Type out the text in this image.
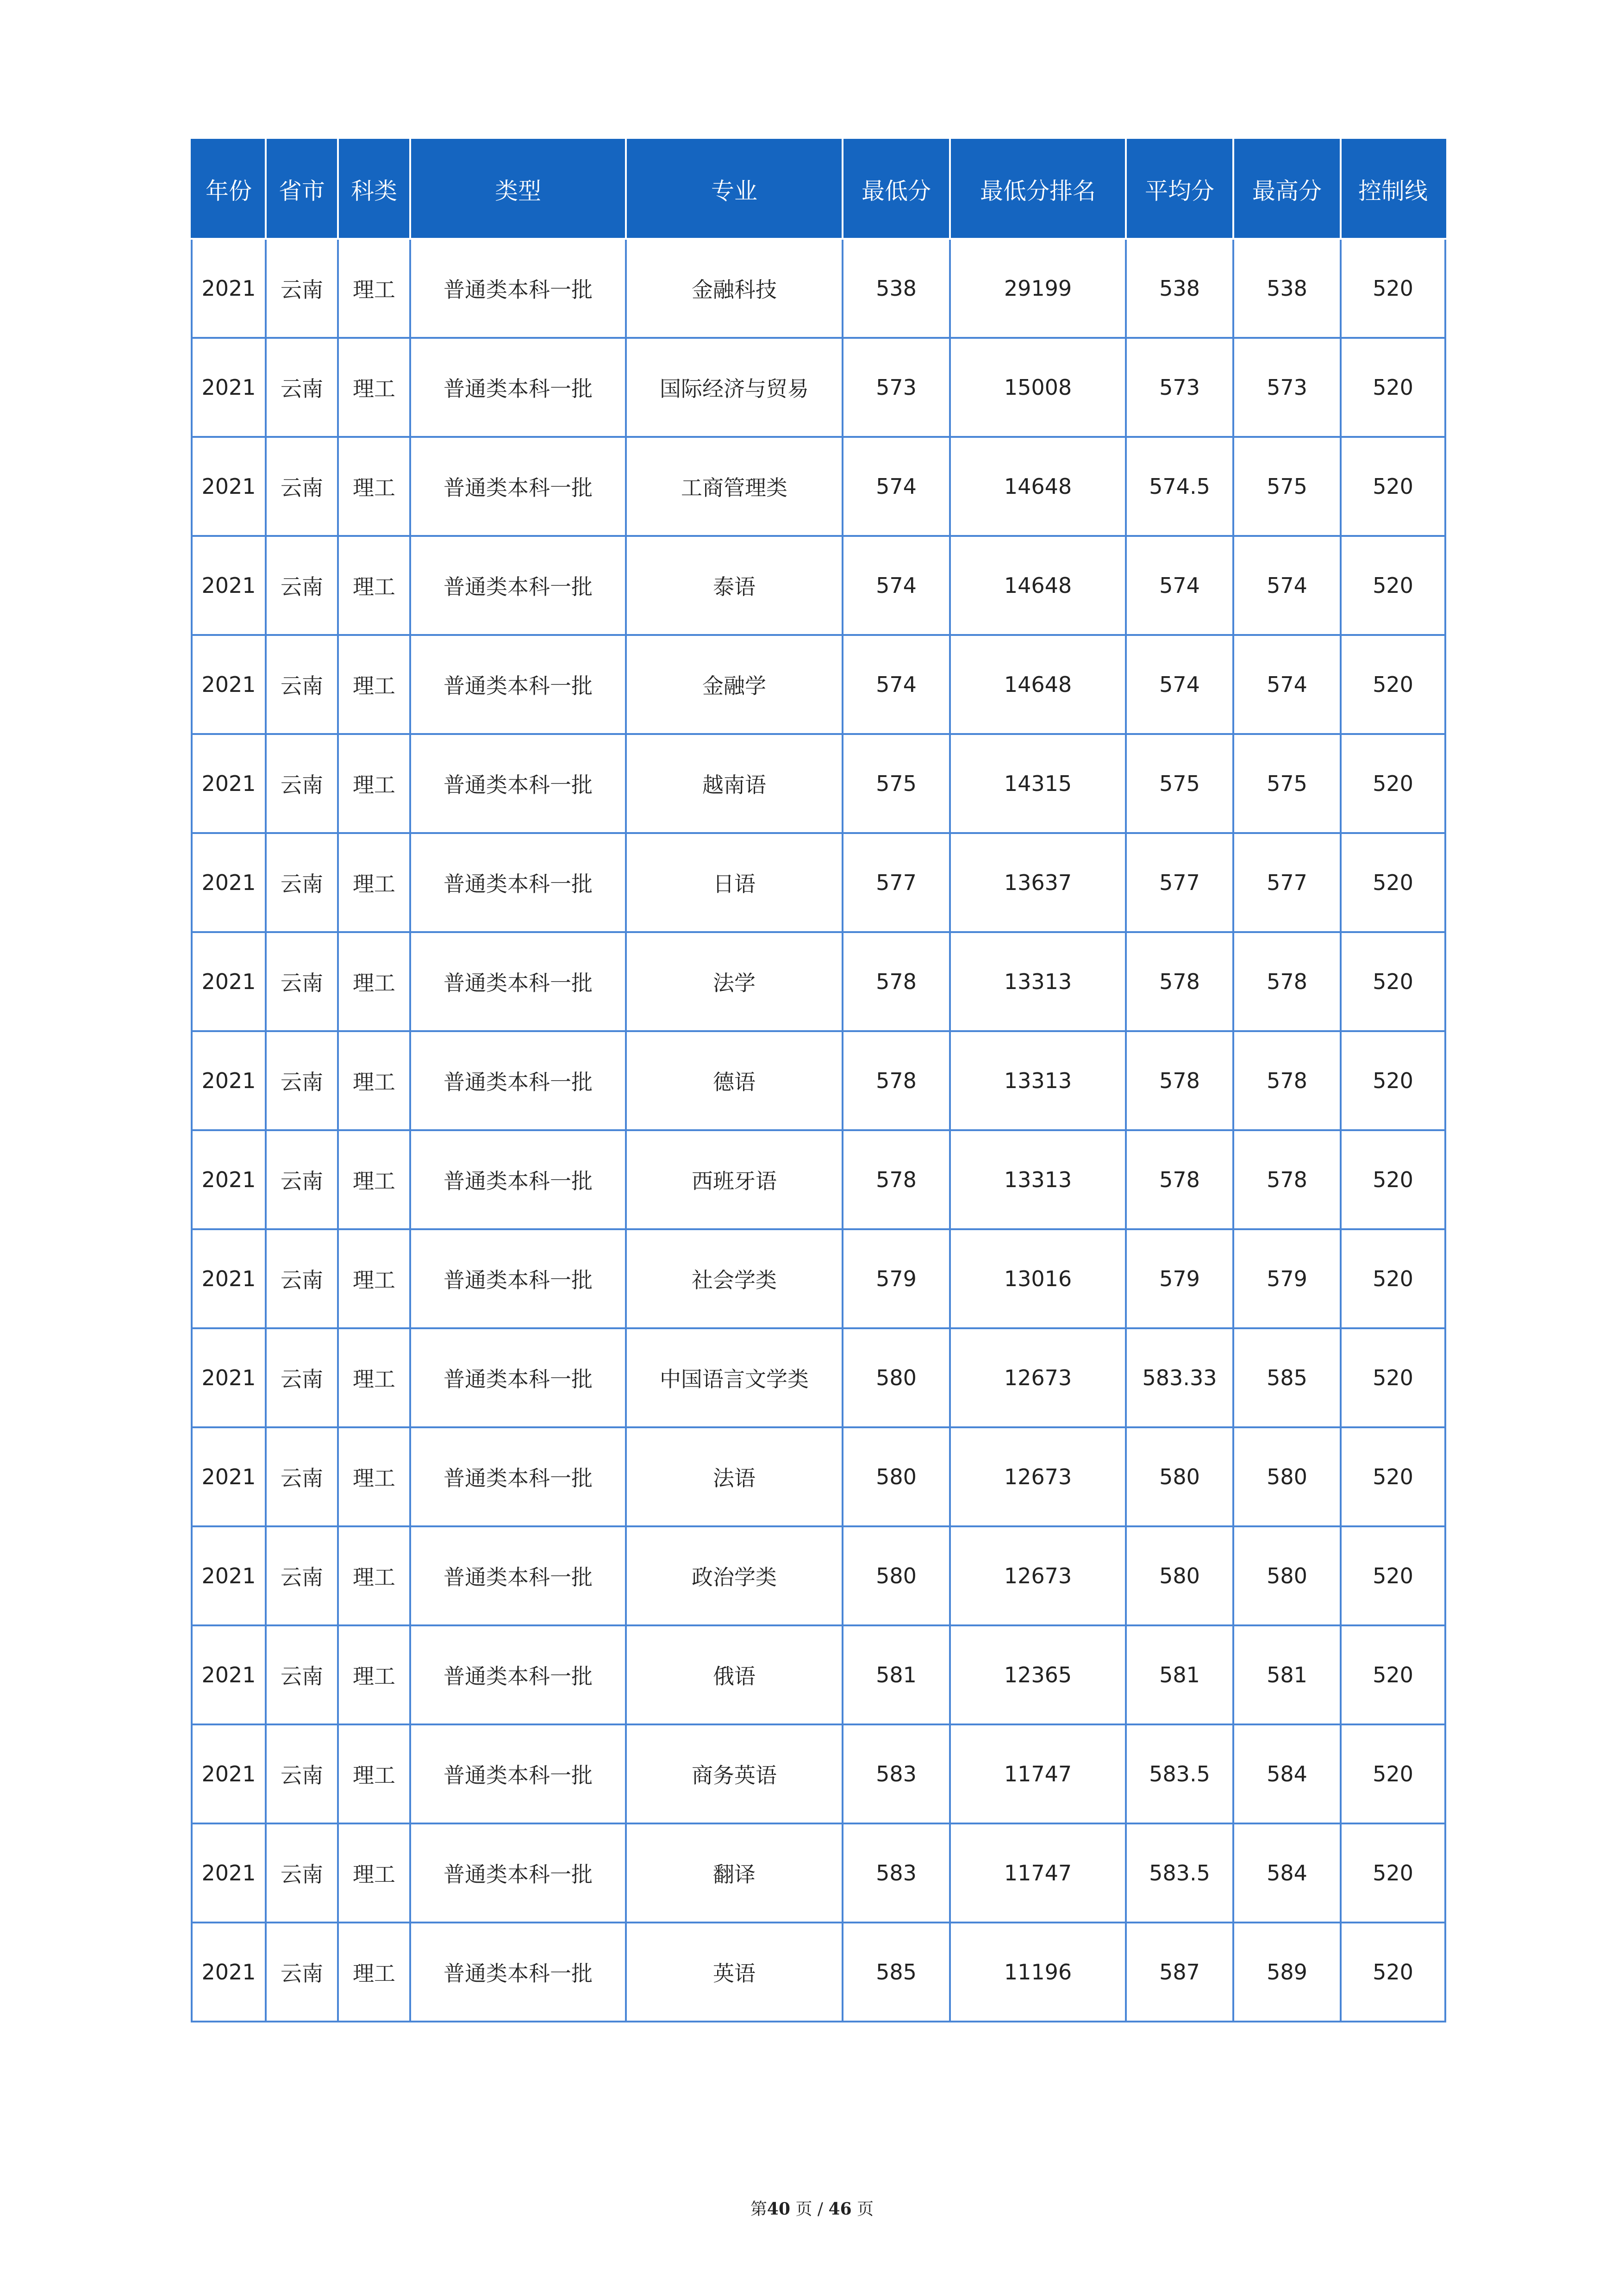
年份	省市	科类	类型	专业	最低分	最低分排名	平均分	最高分	控制线
2021	云南	理工	普通类本科一批	金融科技	538	29199	538	538	520
2021	云南	理工	普通类本科一批	国际经济与贸易	573	15008	573	573	520
2021	云南	理工	普通类本科一批	工商管理类	574	14648	574.5	575	520
2021	云南	理工	普通类本科一批	泰语	574	14648	574	574	520
2021	云南	理工	普通类本科一批	金融学	574	14648	574	574	520
2021	云南	理工	普通类本科一批	越南语	575	14315	575	575	520
2021	云南	理工	普通类本科一批	日语	577	13637	577	577	520
2021	云南	理工	普通类本科一批	法学	578	13313	578	578	520
2021	云南	理工	普通类本科一批	德语	578	13313	578	578	520
2021	云南	理工	普通类本科一批	西班牙语	578	13313	578	578	520
2021	云南	理工	普通类本科一批	社会学类	579	13016	579	579	520
2021	云南	理工	普通类本科一批	中国语言文学类	580	12673	583.33	585	520
2021	云南	理工	普通类本科一批	法语	580	12673	580	580	520
2021	云南	理工	普通类本科一批	政治学类	580	12673	580	580	520
2021	云南	理工	普通类本科一批	俄语	581	12365	581	581	520
2021	云南	理工	普通类本科一批	商务英语	583	11747	583.5	584	520
2021	云南	理工	普通类本科一批	翻译	583	11747	583.5	584	520
2021	云南	理工	普通类本科一批	英语	585	11196	587	589	520
第40 页 / 46 页
